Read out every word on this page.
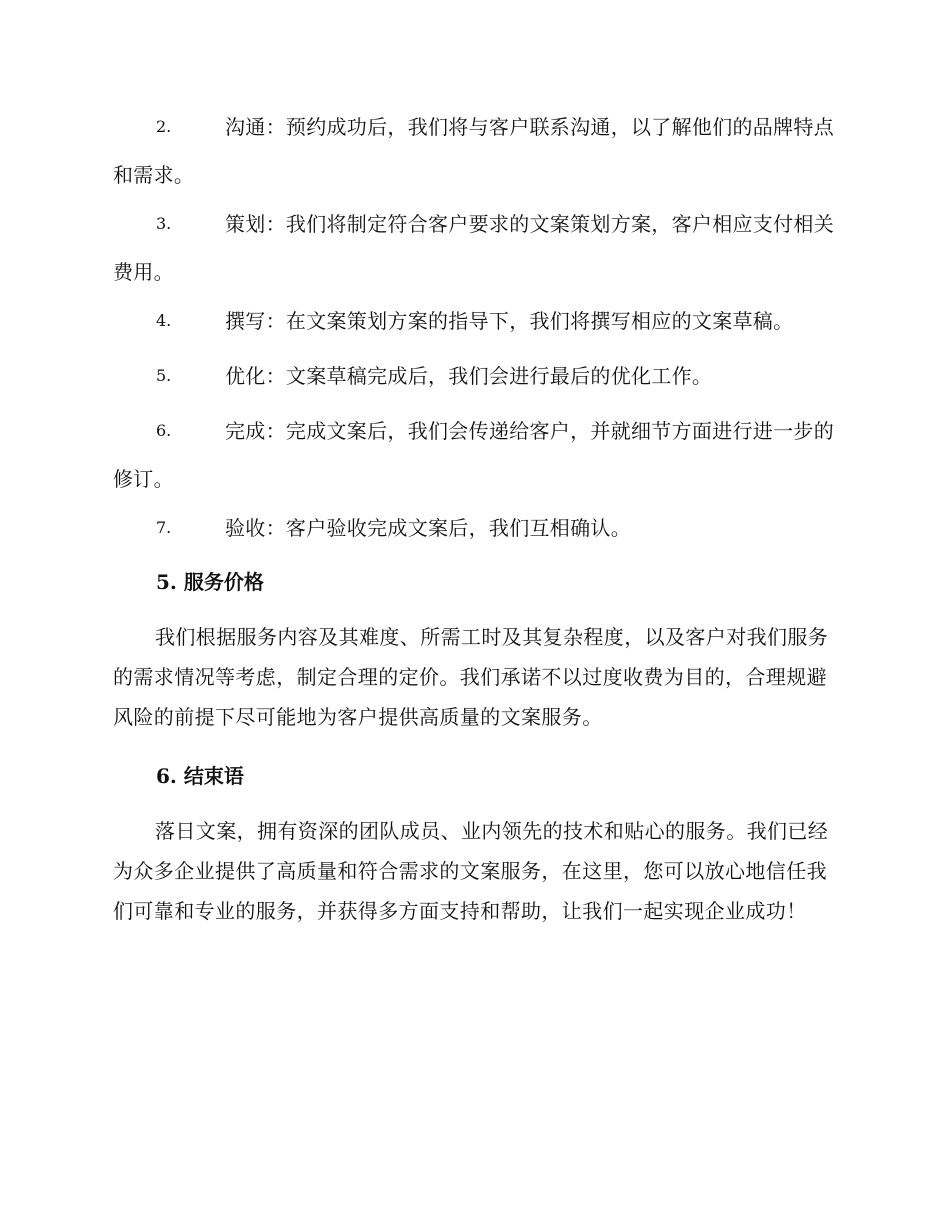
2.	沟通：预约成功后，我们将与客户联系沟通，以了解他们的品牌特点和需求。
3.	策划：我们将制定符合客户要求的文案策划方案，客户相应支付相关费用。
4.	撰写：在文案策划方案的指导下，我们将撰写相应的文案草稿。
5.	优化：文案草稿完成后，我们会进行最后的优化工作。
6.	完成：完成文案后，我们会传递给客户，并就细节方面进行进一步的修订。
7.	验收：客户验收完成文案后，我们互相确认。
5. 服务价格
我们根据服务内容及其难度、所需工时及其复杂程度，以及客户对我们服务的需求情况等考虑，制定合理的定价。我们承诺不以过度收费为目的，合理规避风险的前提下尽可能地为客户提供高质量的文案服务。
6. 结束语
落日文案，拥有资深的团队成员、业内领先的技术和贴心的服务。我们已经为众多企业提供了高质量和符合需求的文案服务，在这里，您可以放心地信任我们可靠和专业的服务，并获得多方面支持和帮助，让我们一起实现企业成功！
